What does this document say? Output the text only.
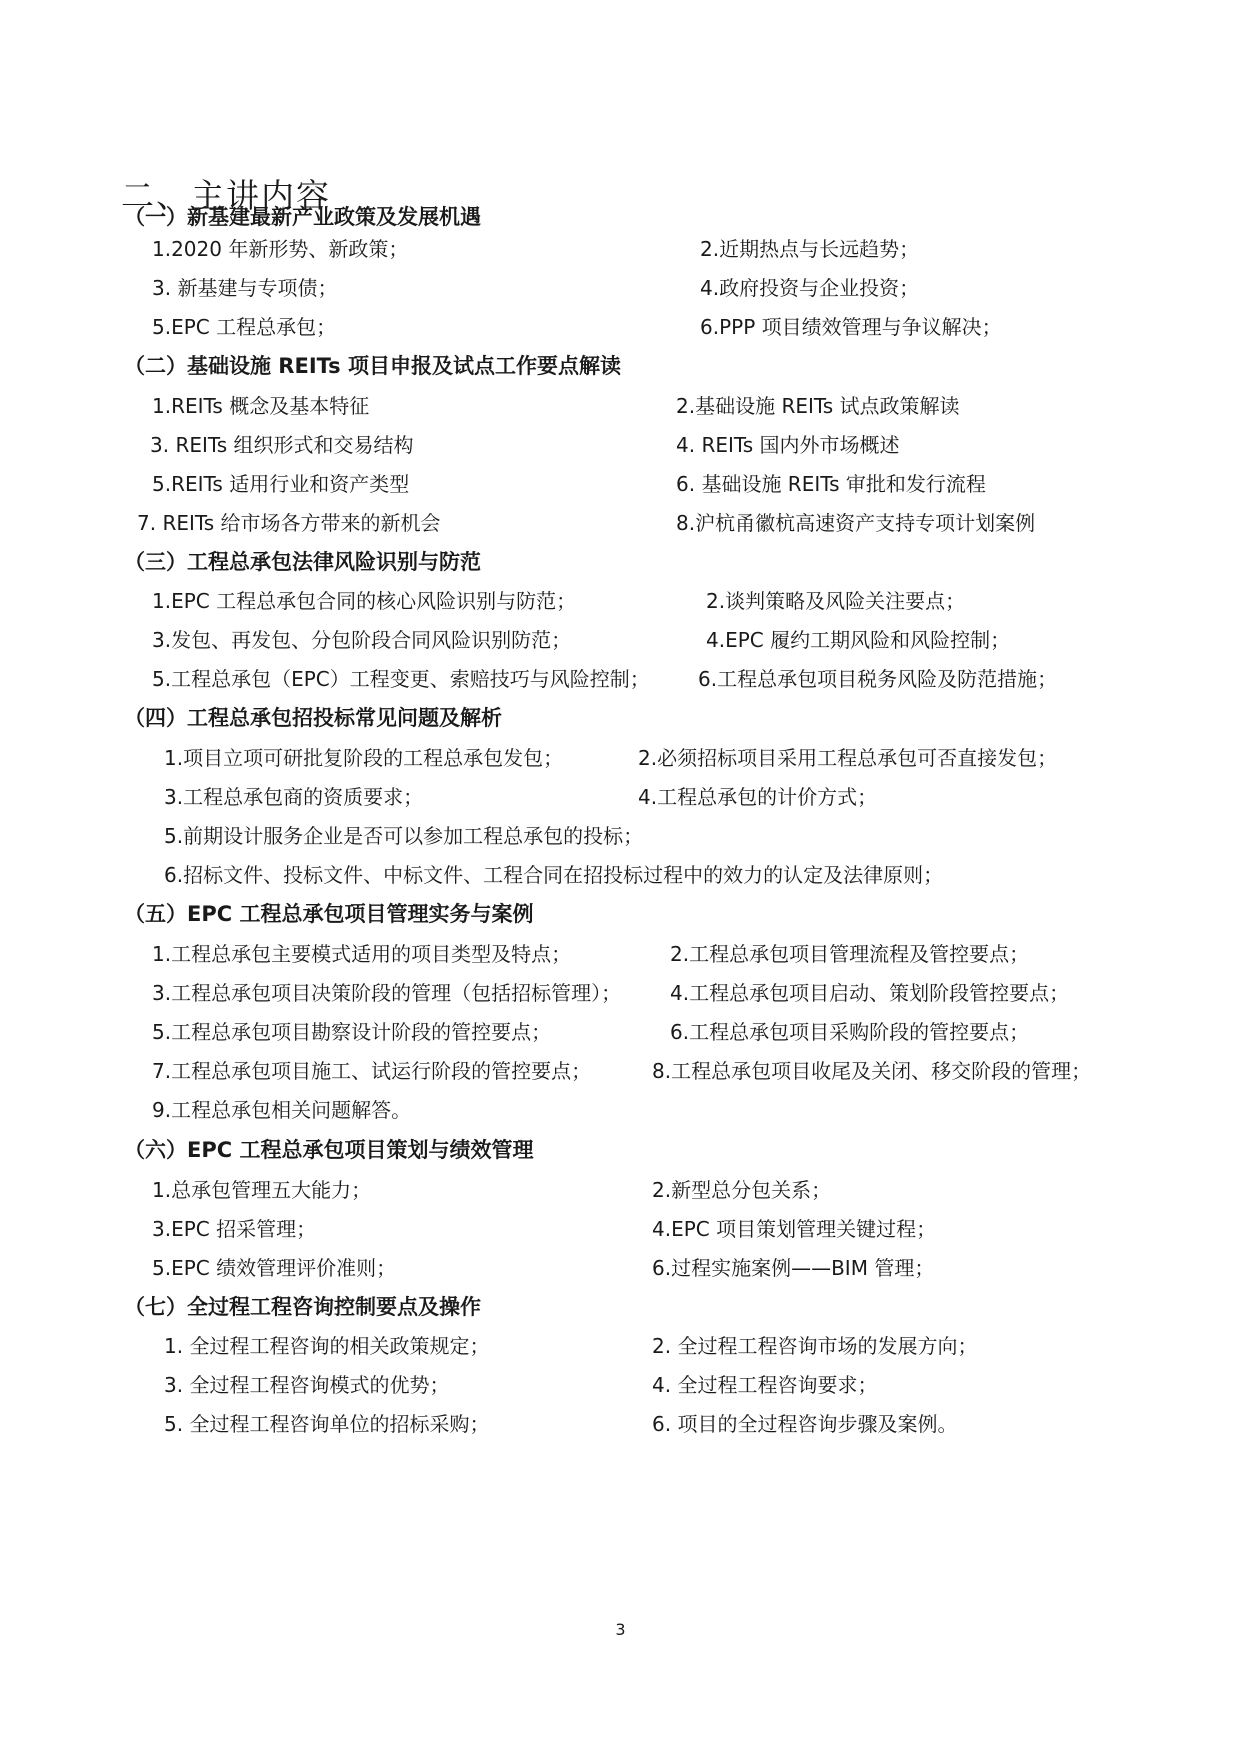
二、主讲内容
（一）新基建最新产业政策及发展机遇
1.2020 年新形势、新政策；	2.近期热点与长远趋势；
3. 新基建与专项债；	4.政府投资与企业投资；
5.EPC 工程总承包；	6.PPP 项目绩效管理与争议解决；
（二）基础设施 REITs 项目申报及试点工作要点解读
1.REITs 概念及基本特征	2.基础设施 REITs 试点政策解读
3. REITs 组织形式和交易结构	4. REITs 国内外市场概述
5.REITs 适用行业和资产类型	6. 基础设施 REITs 审批和发行流程
7. REITs 给市场各方带来的新机会	8.沪杭甬徽杭高速资产支持专项计划案例
（三）工程总承包法律风险识别与防范
1.EPC 工程总承包合同的核心风险识别与防范；	2.谈判策略及风险关注要点；
3.发包、再发包、分包阶段合同风险识别防范；	4.EPC 履约工期风险和风险控制；
5.工程总承包（EPC）工程变更、索赔技巧与风险控制； 6.工程总承包项目税务风险及防范措施；
（四）工程总承包招投标常见问题及解析
1.项目立项可研批复阶段的工程总承包发包；	2.必须招标项目采用工程总承包可否直接发包；
3.工程总承包商的资质要求；	4.工程总承包的计价方式；
5.前期设计服务企业是否可以参加工程总承包的投标；
6.招标文件、投标文件、中标文件、工程合同在招投标过程中的效力的认定及法律原则；
（五）EPC 工程总承包项目管理实务与案例
1.工程总承包主要模式适用的项目类型及特点；	2.工程总承包项目管理流程及管控要点；
3.工程总承包项目决策阶段的管理（包括招标管理）； 4.工程总承包项目启动、策划阶段管控要点；
5.工程总承包项目勘察设计阶段的管控要点；	6.工程总承包项目采购阶段的管控要点；
7.工程总承包项目施工、试运行阶段的管控要点；	8.工程总承包项目收尾及关闭、移交阶段的管理；
9.工程总承包相关问题解答。
（六）EPC 工程总承包项目策划与绩效管理
1.总承包管理五大能力；	2.新型总分包关系；
3.EPC 招采管理；	4.EPC 项目策划管理关键过程；
5.EPC 绩效管理评价准则；	6.过程实施案例——BIM 管理；
（七）全过程工程咨询控制要点及操作
1. 全过程工程咨询的相关政策规定；	2. 全过程工程咨询市场的发展方向；
3. 全过程工程咨询模式的优势；	4. 全过程工程咨询要求；
5. 全过程工程咨询单位的招标采购；	6. 项目的全过程咨询步骤及案例。
3
